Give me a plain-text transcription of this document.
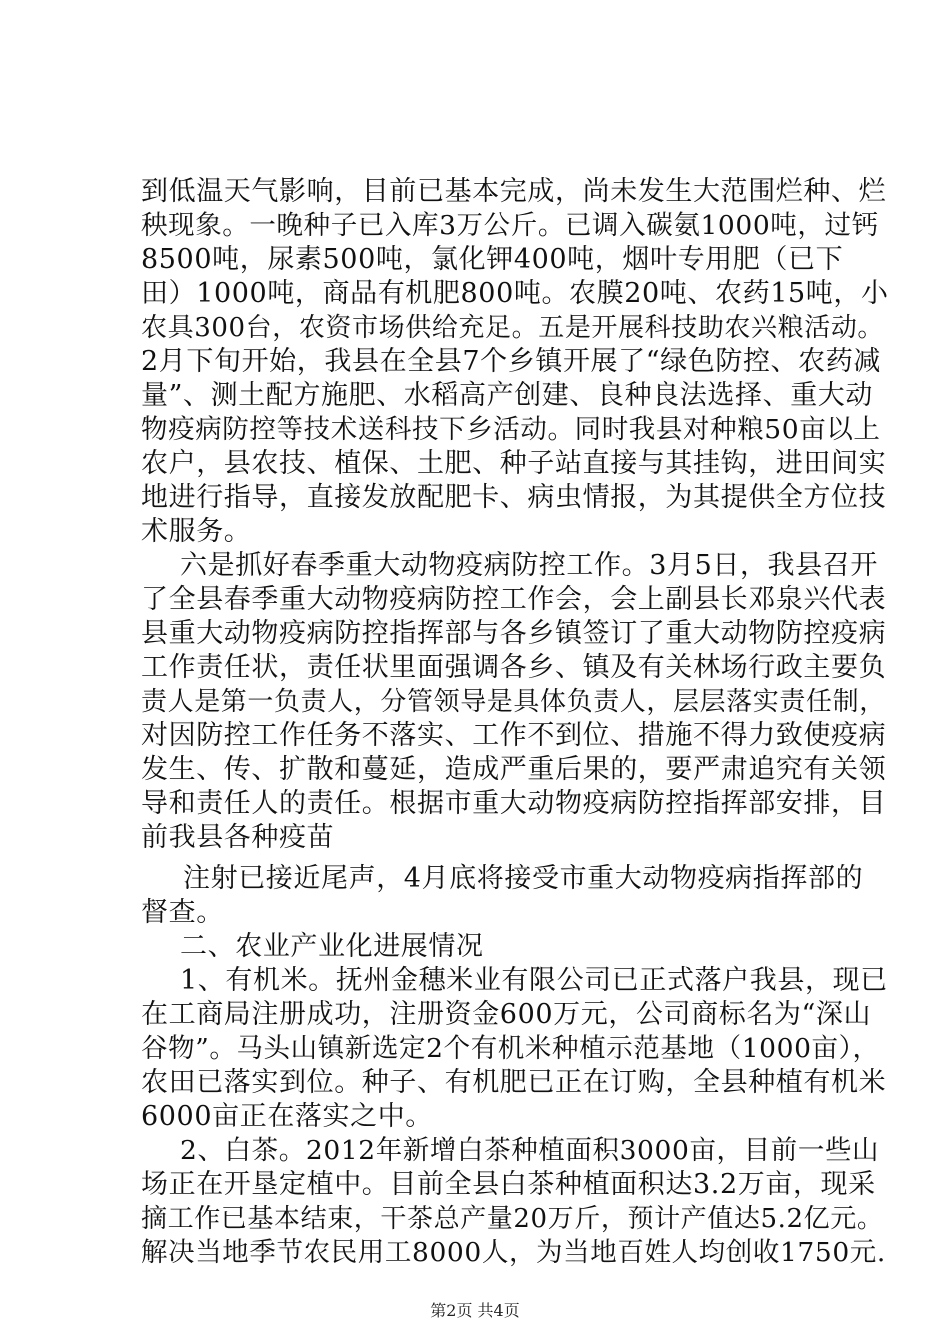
到低温天气影响，目前已基本完成，尚未发生大范围烂种、烂
秧现象。一晚种子已入库3万公斤。已调入碳氨1000吨，过钙
8500吨，尿素500吨，氯化钾400吨，烟叶专用肥（已下
田）1000吨，商品有机肥800吨。农膜20吨、农药15吨，小
农具300台，农资市场供给充足。五是开展科技助农兴粮活动。
2月下旬开始，我县在全县7个乡镇开展了“绿色防控、农药减
量”、测土配方施肥、水稻高产创建、良种良法选择、重大动
物疫病防控等技术送科技下乡活动。同时我县对种粮50亩以上
农户，县农技、植保、土肥、种子站直接与其挂钩，进田间实
地进行指导，直接发放配肥卡、病虫情报，为其提供全方位技
术服务。
六是抓好春季重大动物疫病防控工作。3月5日，我县召开
了全县春季重大动物疫病防控工作会，会上副县长邓泉兴代表
县重大动物疫病防控指挥部与各乡镇签订了重大动物防控疫病
工作责任状，责任状里面强调各乡、镇及有关林场行政主要负
责人是第一负责人，分管领导是具体负责人，层层落实责任制，
对因防控工作任务不落实、工作不到位、措施不得力致使疫病
发生、传、扩散和蔓延，造成严重后果的，要严肃追究有关领
导和责任人的责任。根据市重大动物疫病防控指挥部安排，目
前我县各种疫苗
注射已接近尾声，4月底将接受市重大动物疫病指挥部的
督查。
二、农业产业化进展情况
1、有机米。抚州金穗米业有限公司已正式落户我县，现已
在工商局注册成功，注册资金600万元，公司商标名为“深山
谷物”。马头山镇新选定2个有机米种植示范基地（1000亩），
农田已落实到位。种子、有机肥已正在订购，全县种植有机米
6000亩正在落实之中。
2、白茶。2012年新增白茶种植面积3000亩，目前一些山
场正在开垦定植中。目前全县白茶种植面积达3.2万亩，现采
摘工作已基本结束，干茶总产量20万斤，预计产值达5.2亿元。
解决当地季节农民用工8000人，为当地百姓人均创收1750元.
第2页 共4页
